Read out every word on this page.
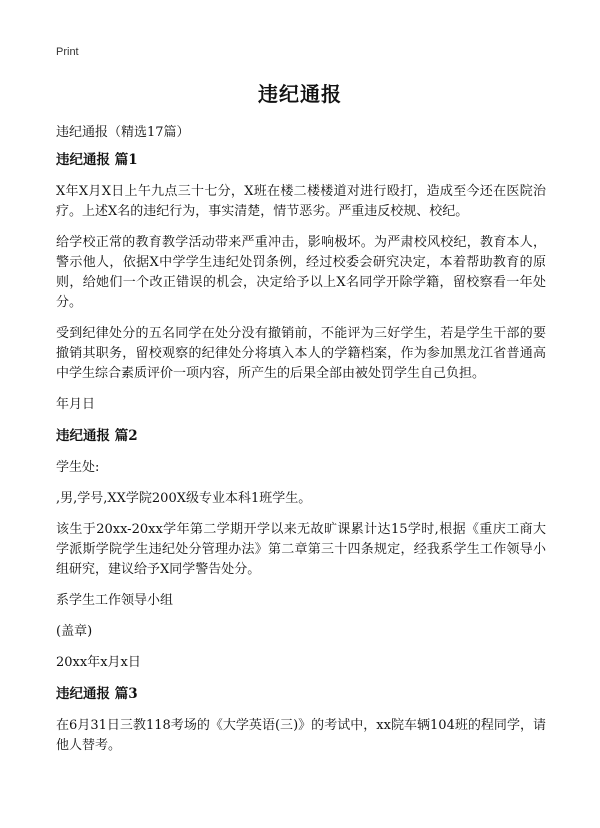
Print
违纪通报
违纪通报（精选17篇）
违纪通报 篇1

X年X月X日上午九点三十七分，X班在楼二楼楼道对进行殴打，造成至今还在医院治疗。上述X名的违纪行为，事实清楚，情节恶劣。严重违反校规、校纪。

给学校正常的教育教学活动带来严重冲击，影响极坏。为严肃校风校纪，教育本人，警示他人，依据X中学学生违纪处罚条例，经过校委会研究决定，本着帮助教育的原则，给她们一个改正错误的机会，决定给予以上X名同学开除学籍，留校察看一年处分。

受到纪律处分的五名同学在处分没有撤销前，不能评为三好学生，若是学生干部的要撤销其职务，留校观察的纪律处分将填入本人的学籍档案，作为参加黑龙江省普通高中学生综合素质评价一项内容，所产生的后果全部由被处罚学生自己负担。

年月日

违纪通报 篇2

学生处:

,男,学号,XX学院200X级专业本科1班学生。

该生于20xx-20xx学年第二学期开学以来无故旷课累计达15学时,根据《重庆工商大学派斯学院学生违纪处分管理办法》第二章第三十四条规定，经我系学生工作领导小组研究，建议给予X同学警告处分。

系学生工作领导小组

(盖章)

20xx年x月x日

违纪通报 篇3

在6月31日三教118考场的《大学英语(三)》的考试中，xx院车辆104班的程同学，请他人替考。
